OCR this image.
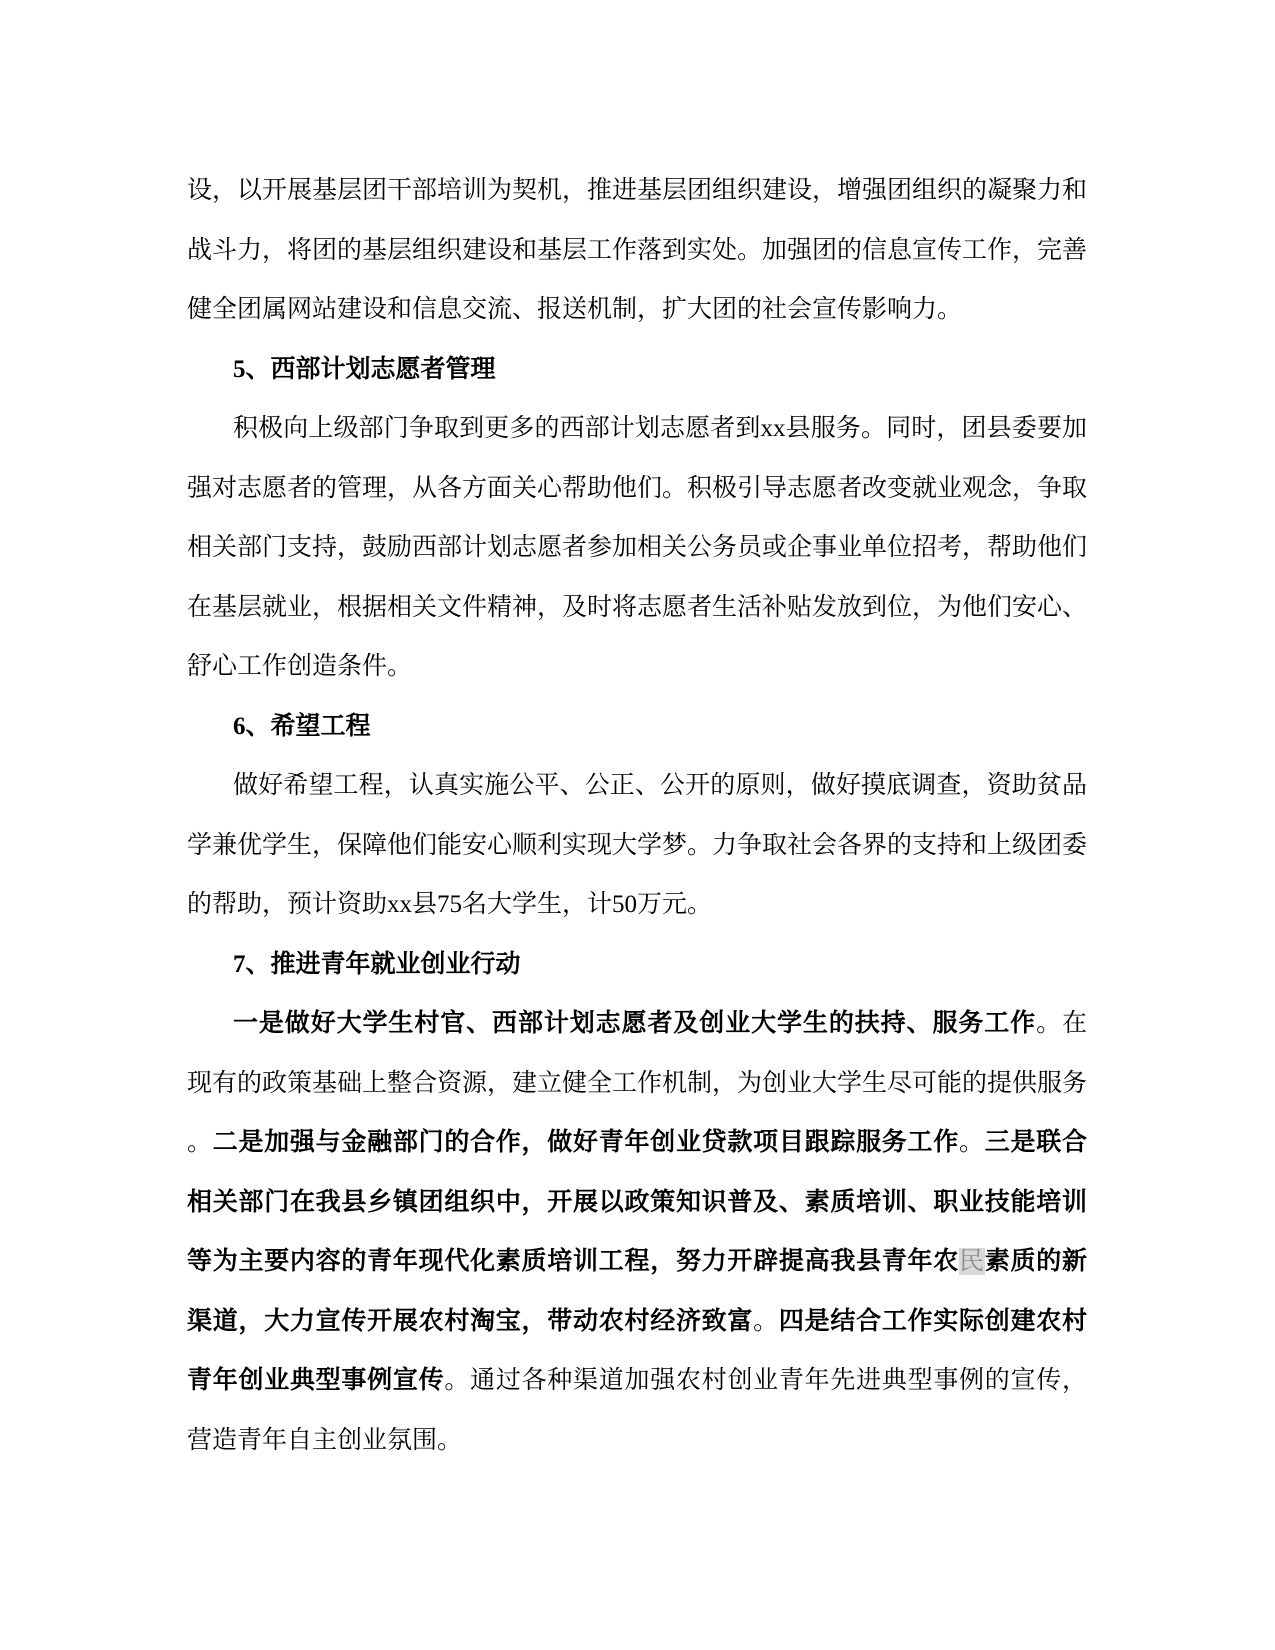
设，以开展基层团干部培训为契机，推进基层团组织建设，增强团组织的凝聚力和
战斗力，将团的基层组织建设和基层工作落到实处。加强团的信息宣传工作，完善
健全团属网站建设和信息交流、报送机制，扩大团的社会宣传影响力。
5、西部计划志愿者管理
积极向上级部门争取到更多的西部计划志愿者到xx县服务。同时，团县委要加
强对志愿者的管理，从各方面关心帮助他们。积极引导志愿者改变就业观念，争取
相关部门支持，鼓励西部计划志愿者参加相关公务员或企事业单位招考，帮助他们
在基层就业，根据相关文件精神，及时将志愿者生活补贴发放到位，为他们安心、
舒心工作创造条件。
6、希望工程
做好希望工程，认真实施公平、公正、公开的原则，做好摸底调查，资助贫品
学兼优学生，保障他们能安心顺利实现大学梦。力争取社会各界的支持和上级团委
的帮助，预计资助xx县75名大学生，计50万元。
7、推进青年就业创业行动
一是做好大学生村官、西部计划志愿者及创业大学生的扶持、服务工作。在
现有的政策基础上整合资源，建立健全工作机制，为创业大学生尽可能的提供服务
。二是加强与金融部门的合作，做好青年创业贷款项目跟踪服务工作。三是联合
相关部门在我县乡镇团组织中，开展以政策知识普及、素质培训、职业技能培训
等为主要内容的青年现代化素质培训工程，努力开辟提高我县青年农民素质的新
渠道，大力宣传开展农村淘宝，带动农村经济致富。四是结合工作实际创建农村
青年创业典型事例宣传。通过各种渠道加强农村创业青年先进典型事例的宣传，
营造青年自主创业氛围。
